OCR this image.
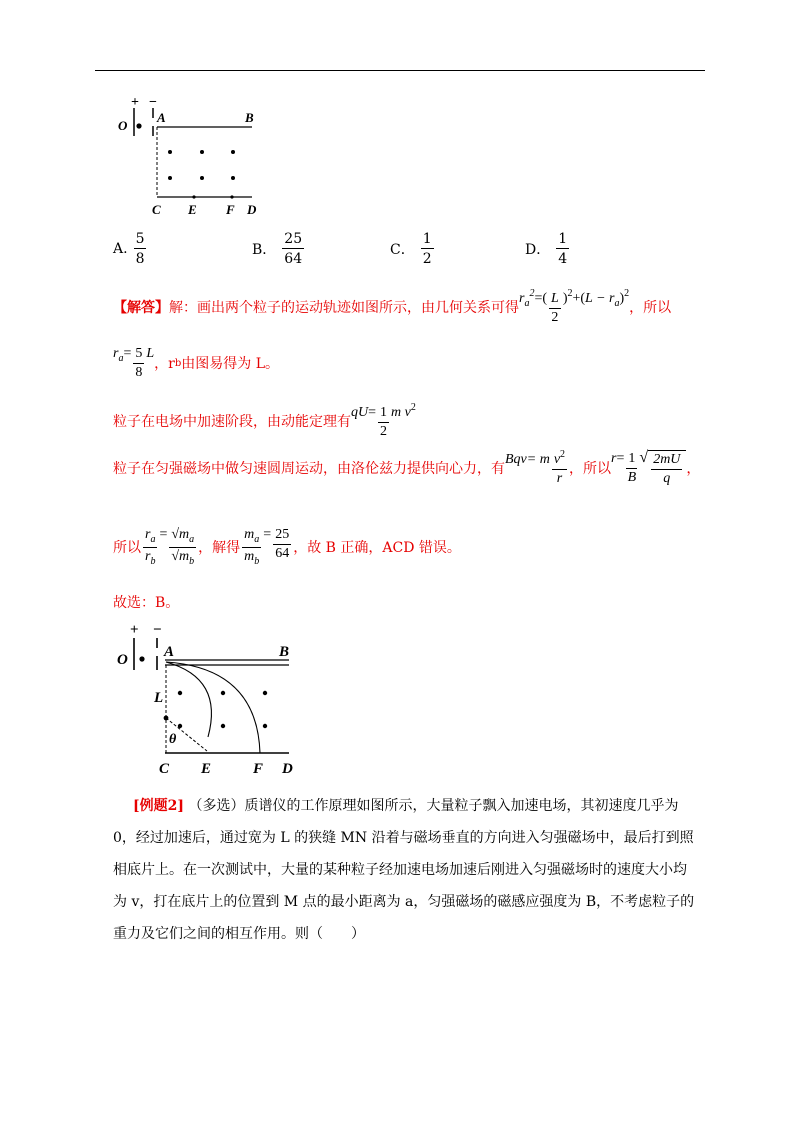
+ −
O
A	B
C E F D
A. $\frac{5}{8}$	B． $\frac{25}{64}$	C． $\frac{1}{2}$	D． $\frac{1}{4}$
【解答】 解：画出两个粒子的运动轨迹如图所示，由几何关系可得
$r_a^2=( \frac{L}{2} )^2+(L - r_a)^2$
，所以
$r_a= \frac{5}{8}$ L
，r b 由图易得为 L。
粒子在电场中加速阶段，由动能定理有
$qU= \frac{1}{2}$ m $v^2$
粒子在匀强磁场中做匀速圆周运动，由洛伦兹力提供向心力，有
Bqv= m $\frac{v^2}{r}$ ，所以
$r= \frac{1}{B}$ √ $\frac{2mU}{q}$ ，
所以 $\frac{r_a}{r_b} = \frac{√m_a}{√m_b}$ ，解得 $\frac{m_a}{m_b} = \frac{25}{64}$ ，故 B 正确，ACD 错误。
故选：B。
+ −
O A	B
L
θ
C E	F D
[例题2] （多选）质谱仪的工作原理如图所示，大量粒子飘入加速电场，其初速度几乎为
0，经过加速后，通过宽为 L 的狭缝 MN 沿着与磁场垂直的方向进入匀强磁场中，最后打到照
相底片上。在一次测试中，大量的某种粒子经加速电场加速后刚进入匀强磁场时的速度大小均
为 v，打在底片上的位置到 M 点的最小距离为 a，匀强磁场的磁感应强度为 B，不考虑粒子的
重力及它们之间的相互作用。则（　　）
